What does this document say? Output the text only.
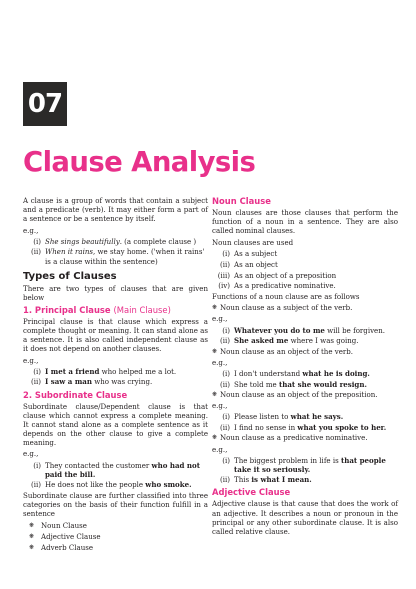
07
Clause Analysis

A clause is a group of words that contain a subject and a predicate (verb). It may either form a part of a sentence or be a sentence by itself.

e.g.,
(i) She sings beautifully. (a complete clause )
(ii) When it rains, we stay home. ('when it rains' is a clause within the sentence)
Types of Clauses

There are two types of clauses that are given below

1. Principal Clause (Main Clause)

Principal clause is that clause which express a complete thought or meaning. It can stand alone as a sentence. It is also called independent clause as it does not depend on another clauses.

e.g.,
(i) I met a friend who helped me a lot.
(ii) I saw a man who was crying.
2. Subordinate Clause

Subordinate clause/Dependent clause is that clause which cannot express a complete meaning. It cannot stand alone as a complete sentence as it depends on the other clause to give a complete meaning.

e.g.,
(i) They contacted the customer who had not paid the bill.
(ii) He does not like the people who smoke.

Subordinate clause are further classified into three categories on the basis of their function fulfill in a sentence

❋ Noun Clause
❋ Adjective Clause
❋ Adverb Clause
Noun Clause

Noun clauses are those clauses that perform the function of a noun in a sentence. They are also called nominal clauses.

Noun clauses are used

(i) As a subject
(ii) As an object
(iii) As an object of a preposition
(iv) As a predicative nominative.

Functions of a noun clause are as follows

❋ Noun clause as a subject of the verb.
e.g.,
(i) Whatever you do to me will be forgiven.
(ii) She asked me where I was going.
❋ Noun clause as an object of the verb.
e.g.,
(i) I don't understand what he is doing.
(ii) She told me that she would resign.
❋ Noun clause as an object of the preposition.
e.g.,
(i) Please listen to what he says.
(ii) I find no sense in what you spoke to her.
❋ Noun clause as a predicative nominative.
e.g.,
(i) The biggest problem in life is that people take it so seriously.
(ii) This is what I mean.
Adjective Clause

Adjective clause is that cause that does the work of an adjective. It describes a noun or pronoun in the principal or any other subordinate clause. It is also called relative clause.
